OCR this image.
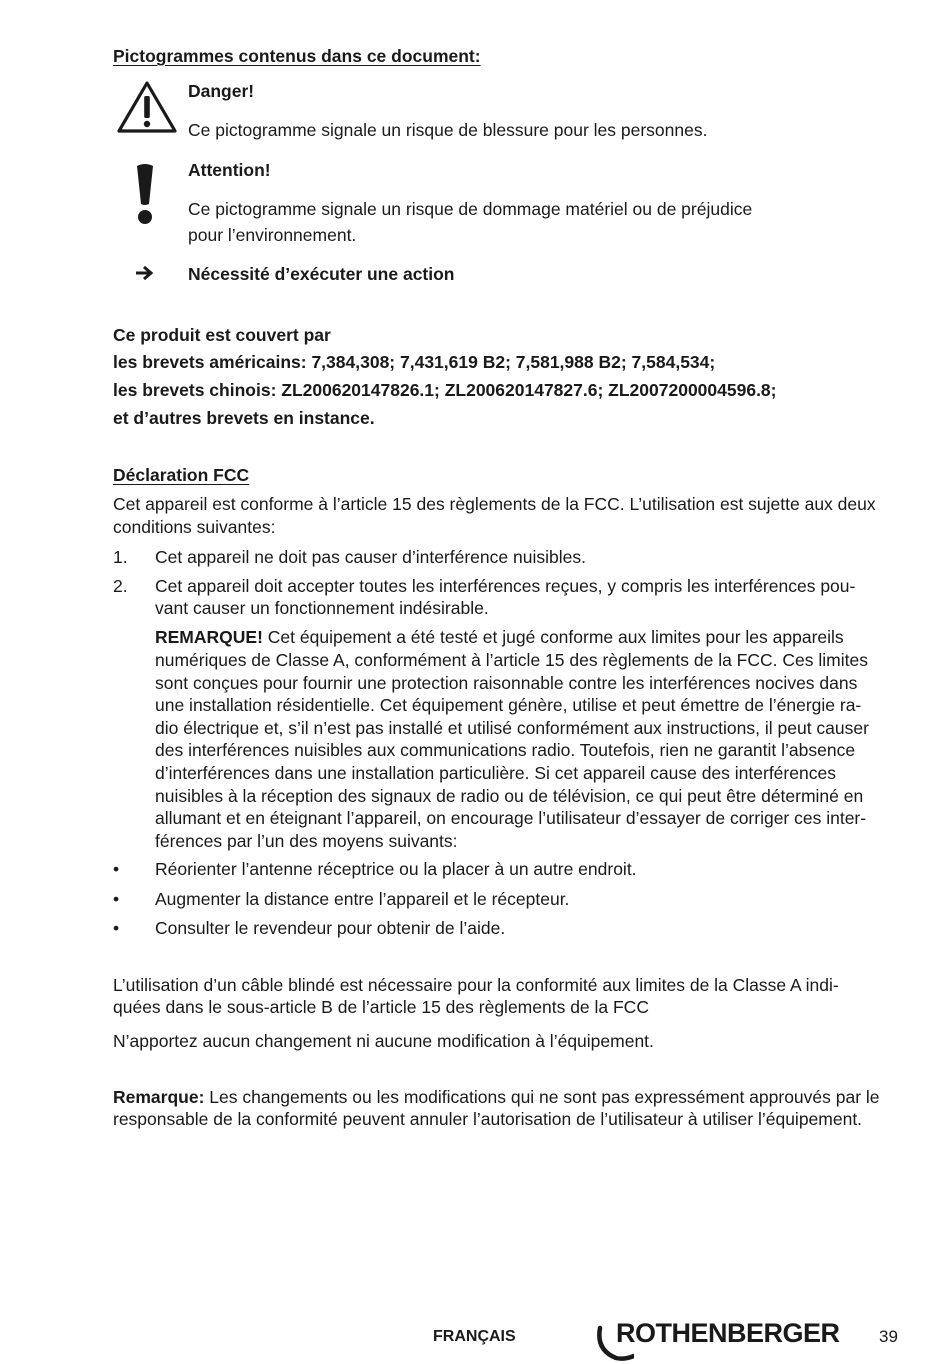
Pictogrammes contenus dans ce document:
Danger!
Ce pictogramme signale un risque de blessure pour les personnes.
Attention!
Ce pictogramme signale un risque de dommage matériel ou de préjudice
pour l’environnement.
Nécessité d’exécuter une action
Ce produit est couvert par
les brevets américains: 7,384,308; 7,431,619 B2; 7,581,988 B2; 7,584,534;
les brevets chinois: ZL200620147826.1; ZL200620147827.6; ZL2007200004596.8;
et d’autres brevets en instance.
Déclaration FCC
Cet appareil est conforme à l’article 15 des règlements de la FCC. L’utilisation est sujette aux deux
conditions suivantes:
1.	Cet appareil ne doit pas causer d’interférence nuisibles.
2.	Cet appareil doit accepter toutes les interférences reçues, y compris les interférences pou-
vant causer un fonctionnement indésirable.
REMARQUE! Cet équipement a été testé et jugé conforme aux limites pour les appareils
numériques de Classe A, conformément à l’article 15 des règlements de la FCC. Ces limites
sont conçues pour fournir une protection raisonnable contre les interférences nocives dans
une installation résidentielle. Cet équipement génère, utilise et peut émettre de l’énergie ra-
dio électrique et, s’il n’est pas installé et utilisé conformément aux instructions, il peut causer
des interférences nuisibles aux communications radio. Toutefois, rien ne garantit l’absence
d’interférences dans une installation particulière. Si cet appareil cause des interférences
nuisibles à la réception des signaux de radio ou de télévision, ce qui peut être déterminé en
allumant et en éteignant l’appareil, on encourage l’utilisateur d’essayer de corriger ces inter-
férences par l’un des moyens suivants:
•	Réorienter l’antenne réceptrice ou la placer à un autre endroit.
•	Augmenter la distance entre l’appareil et le récepteur.
•	Consulter le revendeur pour obtenir de l’aide.
L’utilisation d’un câble blindé est nécessaire pour la conformité aux limites de la Classe A indi-
quées dans le sous-article B de l’article 15 des règlements de la FCC
N’apportez aucun changement ni aucune modification à l’équipement.
Remarque: Les changements ou les modifications qui ne sont pas expressément approuvés par le
responsable de la conformité peuvent annuler l’autorisation de l’utilisateur à utiliser l’équipement.
FRANÇAIS	ROTHENBERGER 39
